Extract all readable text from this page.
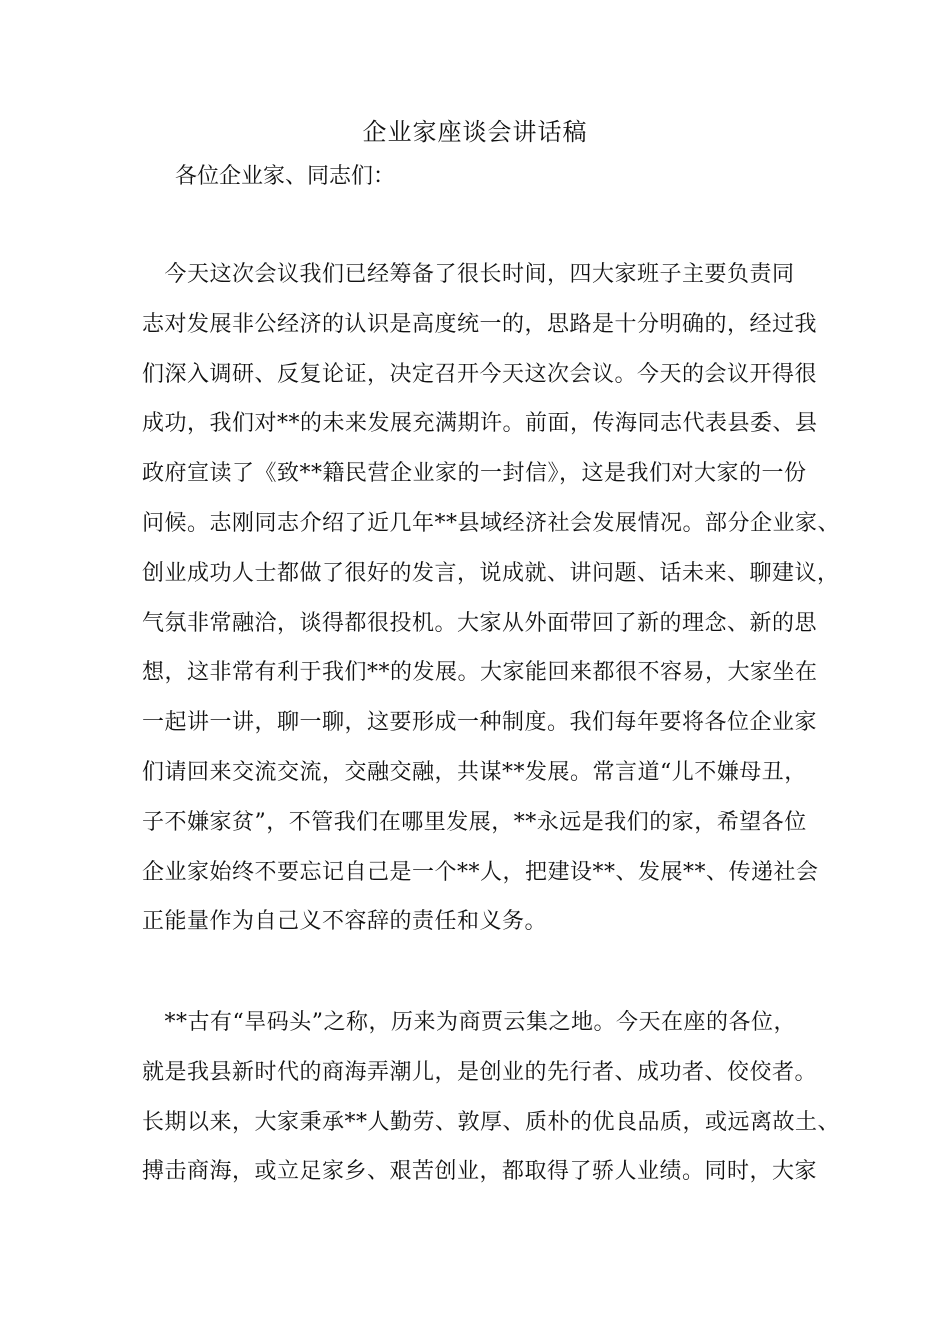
企业家座谈会讲话稿
各位企业家、同志们：
　今天这次会议我们已经筹备了很长时间，四大家班子主要负责同
志对发展非公经济的认识是高度统一的，思路是十分明确的，经过我
们深入调研、反复论证，决定召开今天这次会议。今天的会议开得很
成功，我们对**的未来发展充满期许。前面，传海同志代表县委、县
政府宣读了《致**籍民营企业家的一封信》，这是我们对大家的一份
问候。志刚同志介绍了近几年**县域经济社会发展情况。部分企业家、
创业成功人士都做了很好的发言，说成就、讲问题、话未来、聊建议，
气氛非常融洽，谈得都很投机。大家从外面带回了新的理念、新的思
想，这非常有利于我们**的发展。大家能回来都很不容易，大家坐在
一起讲一讲，聊一聊，这要形成一种制度。我们每年要将各位企业家
们请回来交流交流，交融交融，共谋**发展。常言道“儿不嫌母丑，
子不嫌家贫”，不管我们在哪里发展，**永远是我们的家，希望各位
企业家始终不要忘记自己是一个**人，把建设**、发展**、传递社会
正能量作为自己义不容辞的责任和义务。
　**古有“旱码头”之称，历来为商贾云集之地。今天在座的各位，
就是我县新时代的商海弄潮儿，是创业的先行者、成功者、佼佼者。
长期以来，大家秉承**人勤劳、敦厚、质朴的优良品质，或远离故土、
搏击商海，或立足家乡、艰苦创业，都取得了骄人业绩。同时，大家
